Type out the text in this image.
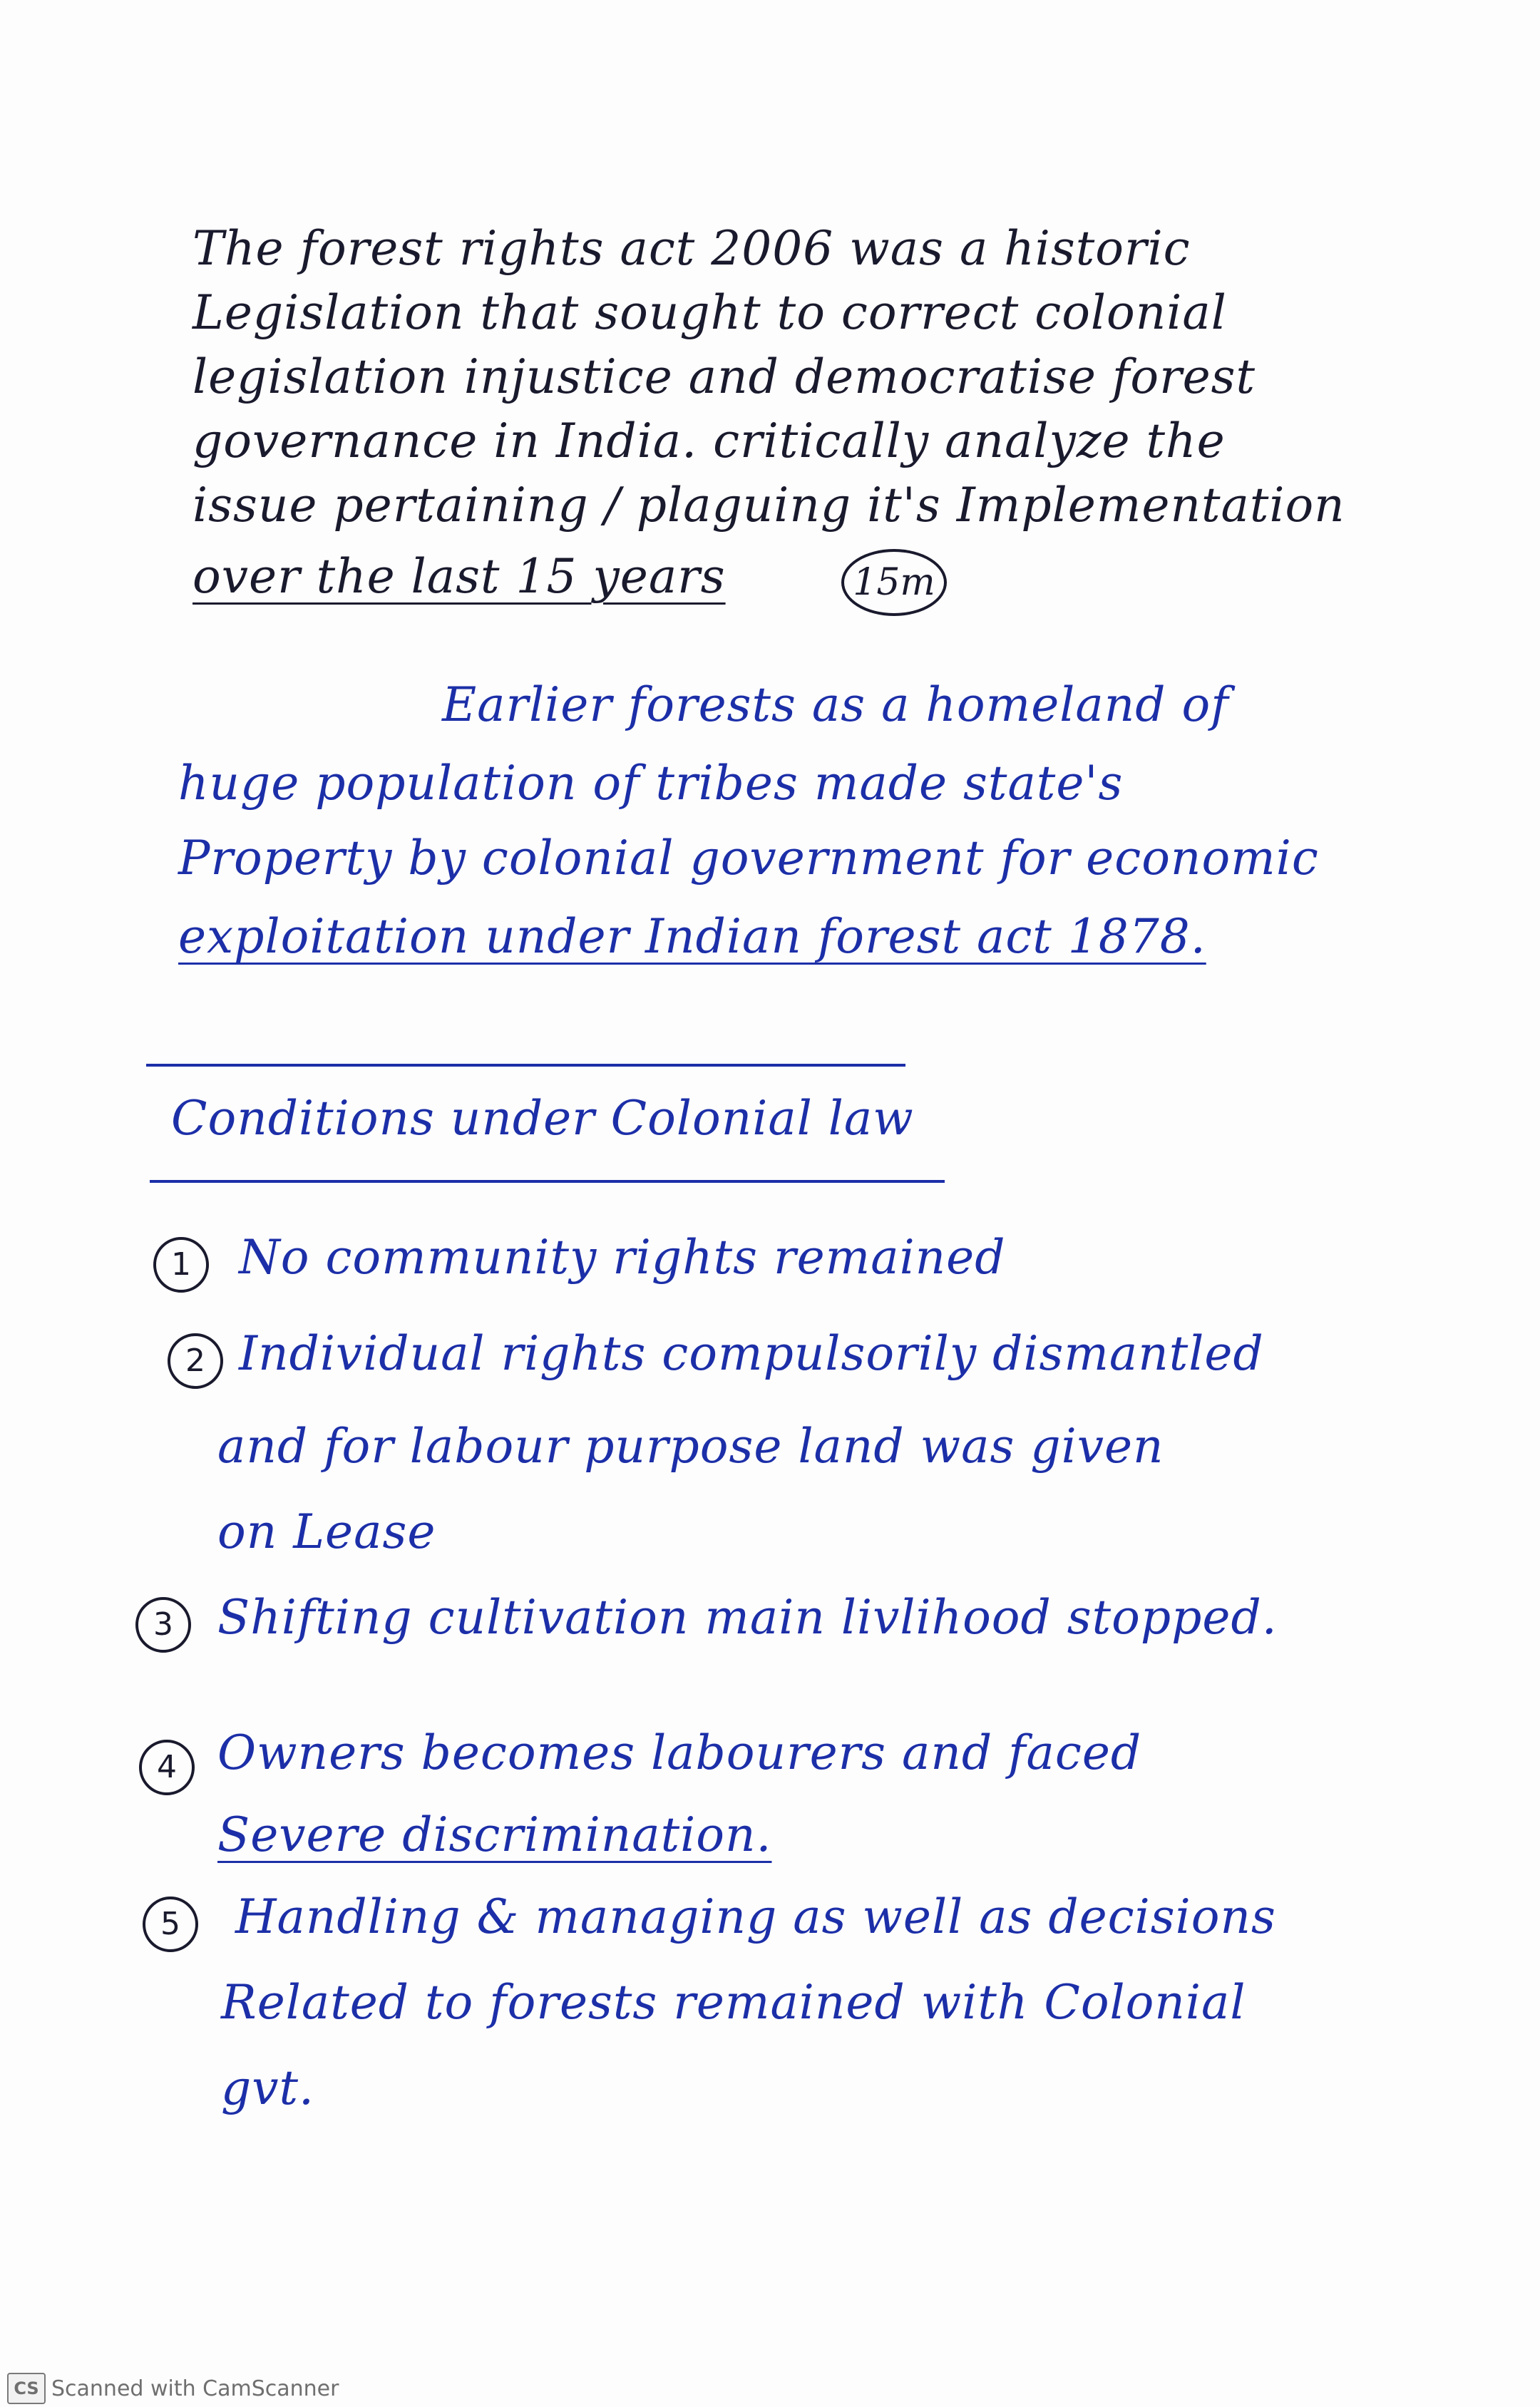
The forest rights act 2006 was a historic
Legislation that sought to correct colonial
legislation injustice and democratise forest
governance in India. critically analyze the
issue pertaining / plaguing it's Implementation
over the last 15 years	15m
Earlier forests as a homeland of
huge population of tribes made state's
Property by colonial government for economic
exploitation under Indian forest act 1878.
Conditions under Colonial law
1	No community rights remained
2 Individual rights compulsorily dismantled
and for labour purpose land was given
on Lease
3 Shifting cultivation main livlihood stopped.
4 Owners becomes labourers and faced
Severe discrimination.
5	Handling & managing as well as decisions
Related to forests remained with Colonial
gvt.
CS Scanned with CamScanner
